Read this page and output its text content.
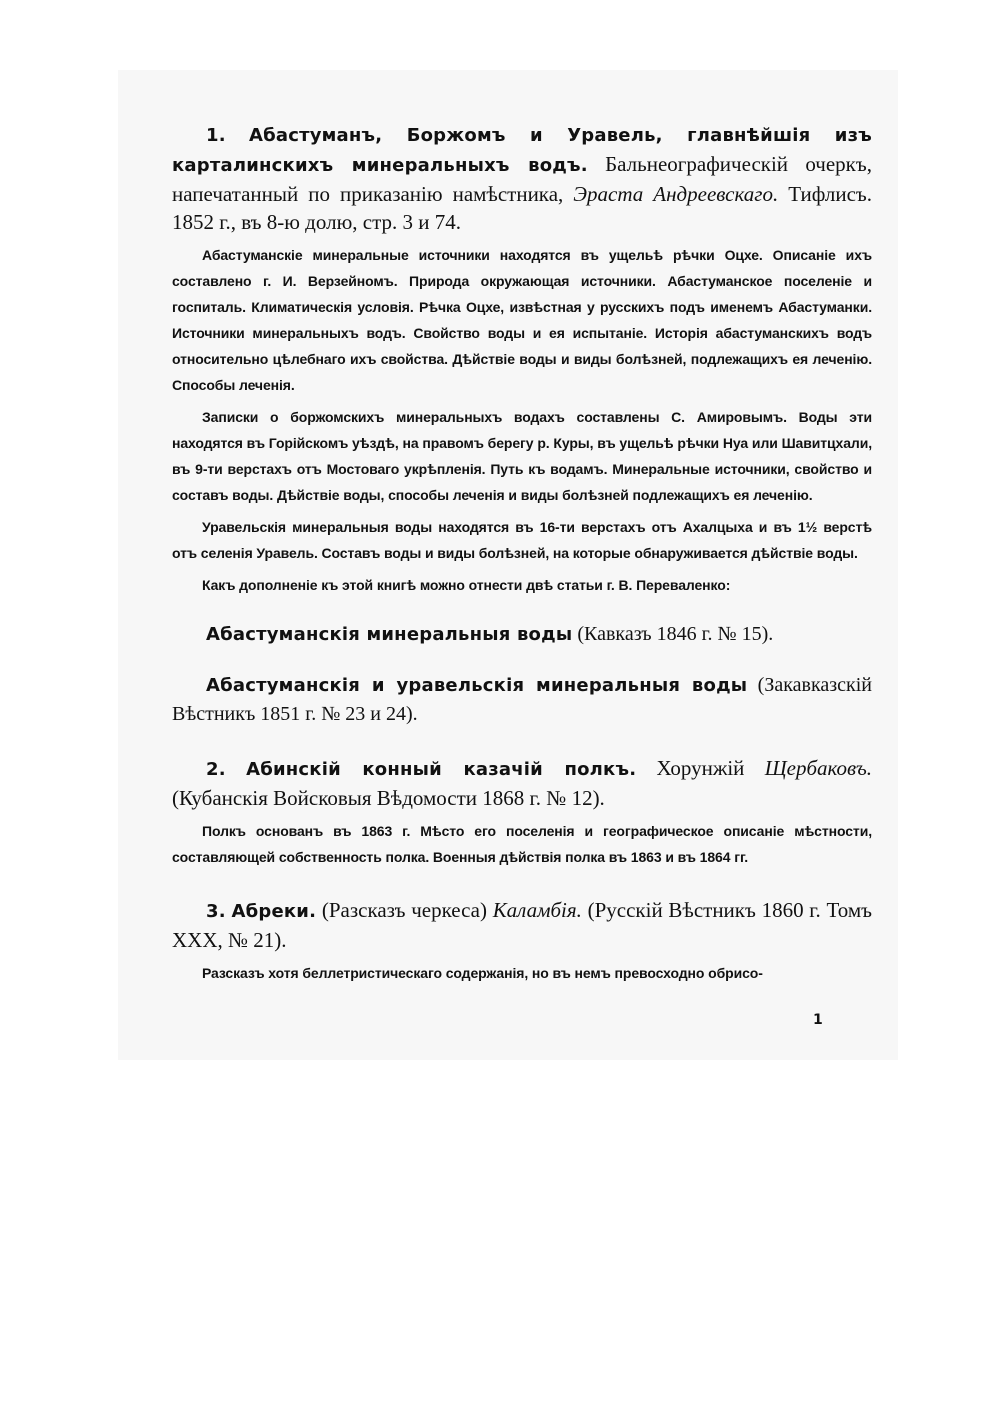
1. Абастуманъ, Боржомъ и Уравель, главнѣйшія изъ карталинскихъ минеральныхъ водъ. Бальнеографическій очеркъ, напечатанный по приказанію намѣстника, Эраста Андреевскаго. Тифлисъ. 1852 г., въ 8-ю долю, стр. 3 и 74.

Абастуманскіе минеральные источники находятся въ ущельѣ рѣчки Оцхе. Описаніе ихъ составлено г. И. Верзейномъ. Природа окружающая источники. Абастуманское поселеніе и госпиталь. Климатическія условія. Рѣчка Оцхе, извѣстная у русскихъ подъ именемъ Абастуманки. Источники минеральныхъ водъ. Свойство воды и ея испытаніе. Исторія абастуманскихъ водъ относительно цѣлебнаго ихъ свойства. Дѣйствіе воды и виды болѣзней, подлежащихъ ея леченію. Способы леченія.

Записки о боржомскихъ минеральныхъ водахъ составлены С. Амировымъ. Воды эти находятся въ Горійскомъ уѣздѣ, на правомъ берегу р. Куры, въ ущельѣ рѣчки Нуа или Шавитцхали, въ 9-ти верстахъ отъ Мостоваго укрѣпленія. Путь къ водамъ. Минеральные источники, свойство и составъ воды. Дѣйствіе воды, способы леченія и виды болѣзней подлежащихъ ея леченію.

Уравельскія минеральныя воды находятся въ 16-ти верстахъ отъ Ахалцыха и въ 1½ верстѣ отъ селенія Уравель. Составъ воды и виды болѣзней, на которые обнаруживается дѣйствіе воды.

Какъ дополненіе къ этой книгѣ можно отнести двѣ статьи г. В. Переваленко:

Абастуманскія минеральныя воды (Кавказъ 1846 г. № 15).

Абастуманскія и уравельскія минеральныя воды (Закавказскій Вѣстникъ 1851 г. № 23 и 24).

2. Абинскій конный казачій полкъ. Хорунжій Щербаковъ. (Кубанскія Войсковыя Вѣдомости 1868 г. № 12).

Полкъ основанъ въ 1863 г. Мѣсто его поселенія и географическое описаніе мѣстности, составляющей собственность полка. Военныя дѣйствія полка въ 1863 и въ 1864 гг.

3. Абреки. (Разсказъ черкеса) Каламбія. (Русскій Вѣстникъ 1860 г. Томъ XXX, № 21).

Разсказъ хотя беллетристическаго содержанія, но въ немъ превосходно обрисо-

1
